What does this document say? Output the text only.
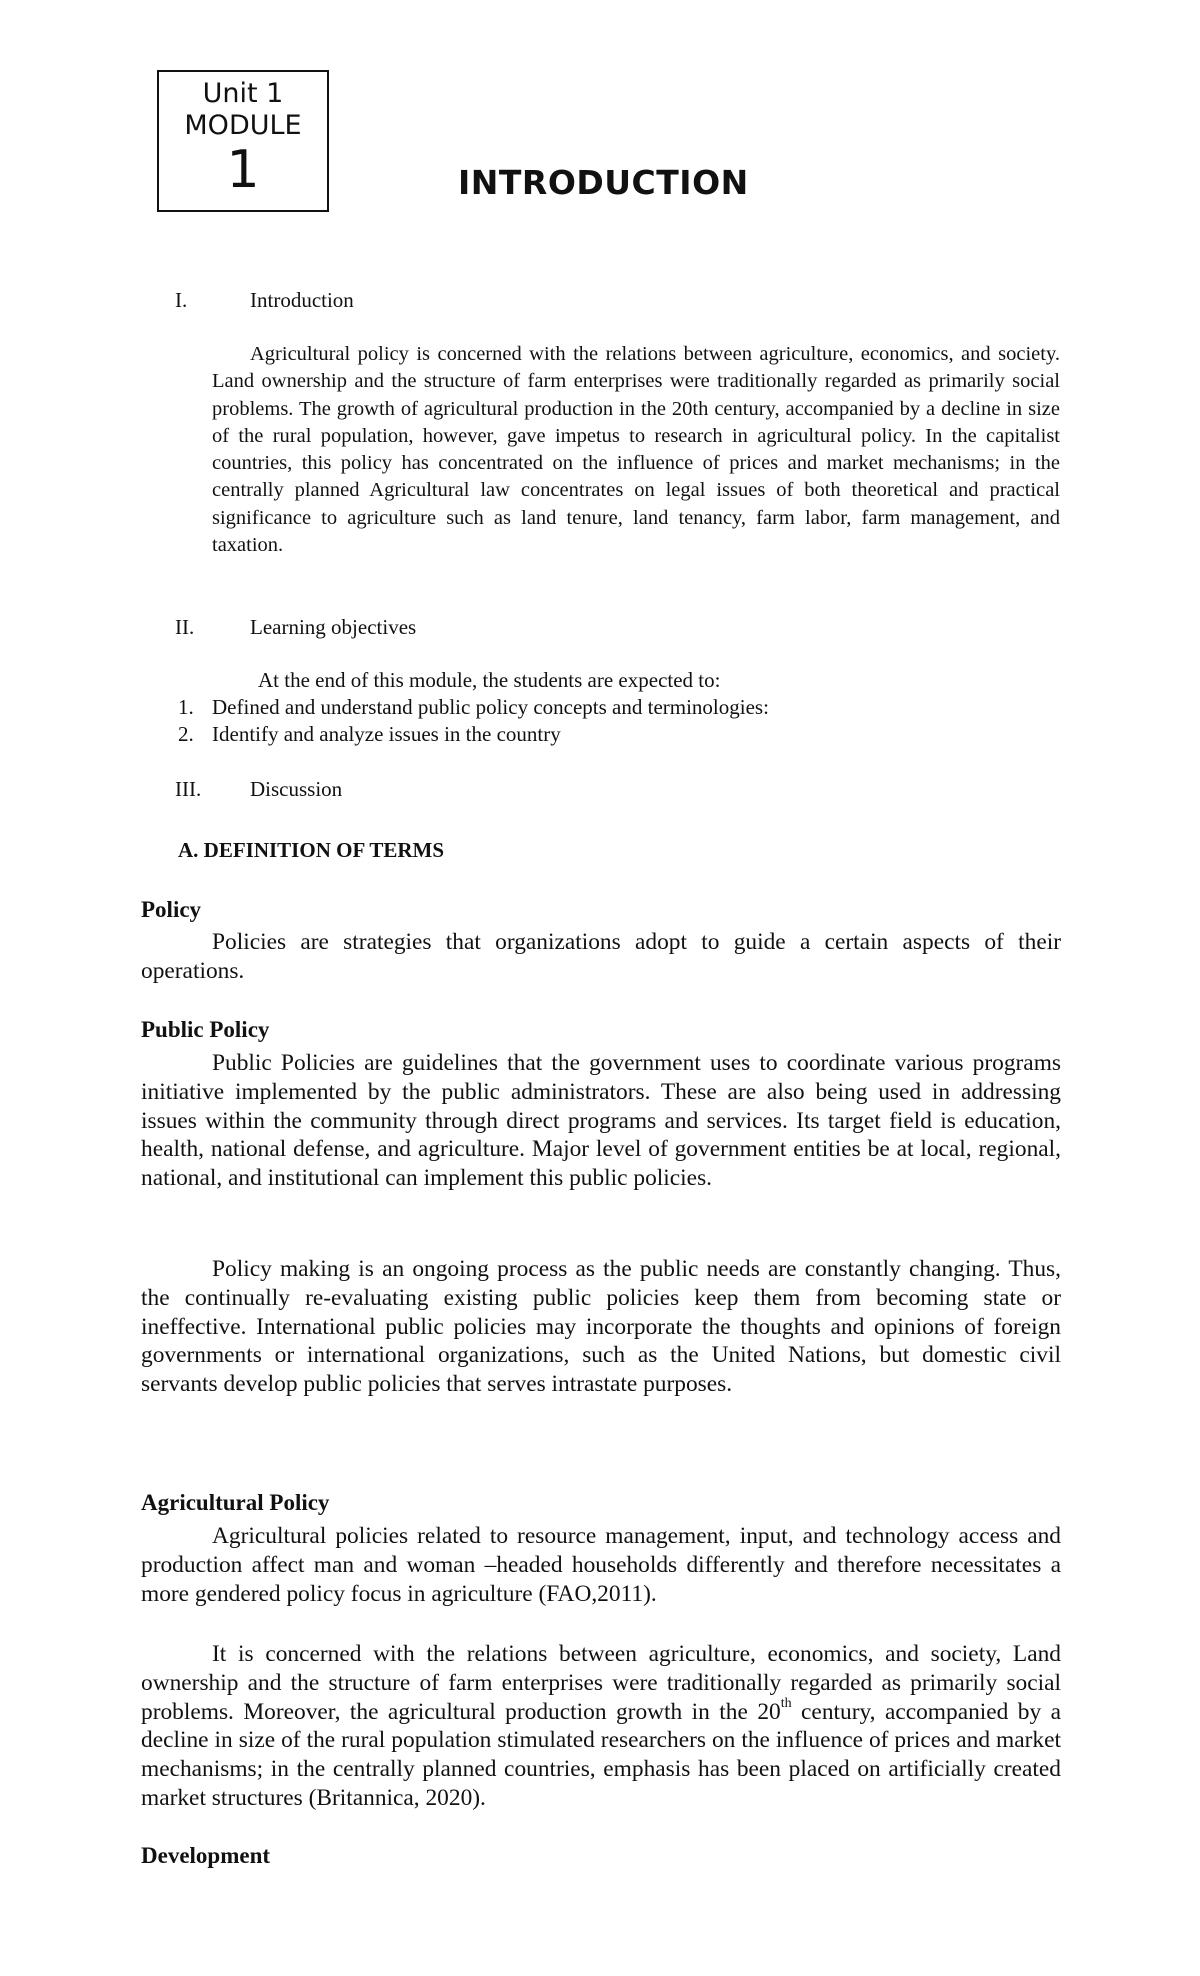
Unit 1
MODULE
1	INTRODUCTION
I.	Introduction

Agricultural policy is concerned with the relations between agriculture, economics, and society. Land ownership and the structure of farm enterprises were traditionally regarded as primarily social problems. The growth of agricultural production in the 20th century, accompanied by a decline in size of the rural population, however, gave impetus to research in agricultural policy. In the capitalist countries, this policy has concentrated on the influence of prices and market mechanisms; in the centrally planned Agricultural law concentrates on legal issues of both theoretical and practical significance to agriculture such as land tenure, land tenancy, farm labor, farm management, and taxation.

II.	Learning objectives
At the end of this module, the students are expected to:
1. Defined and understand public policy concepts and terminologies:
2. Identify and analyze issues in the country
III. Discussion
A. DEFINITION OF TERMS
Policy

Policies are strategies that organizations adopt to guide a certain aspects of their operations.

Public Policy

Public Policies are guidelines that the government uses to coordinate various programs initiative implemented by the public administrators. These are also being used in addressing issues within the community through direct programs and services. Its target field is education, health, national defense, and agriculture. Major level of government entities be at local, regional, national, and institutional can implement this public policies.

Policy making is an ongoing process as the public needs are constantly changing. Thus, the continually re-evaluating existing public policies keep them from becoming state or ineffective. International public policies may incorporate the thoughts and opinions of foreign governments or international organizations, such as the United Nations, but domestic civil servants develop public policies that serves intrastate purposes.

Agricultural Policy

Agricultural policies related to resource management, input, and technology access and production affect man and woman –headed households differently and therefore necessitates a more gendered policy focus in agriculture (FAO,2011).

It is concerned with the relations between agriculture, economics, and society, Land ownership and the structure of farm enterprises were traditionally regarded as primarily social problems. Moreover, the agricultural production growth in the 20th century, accompanied by a decline in size of the rural population stimulated researchers on the influence of prices and market mechanisms; in the centrally planned countries, emphasis has been placed on artificially created market structures (Britannica, 2020).

Development
